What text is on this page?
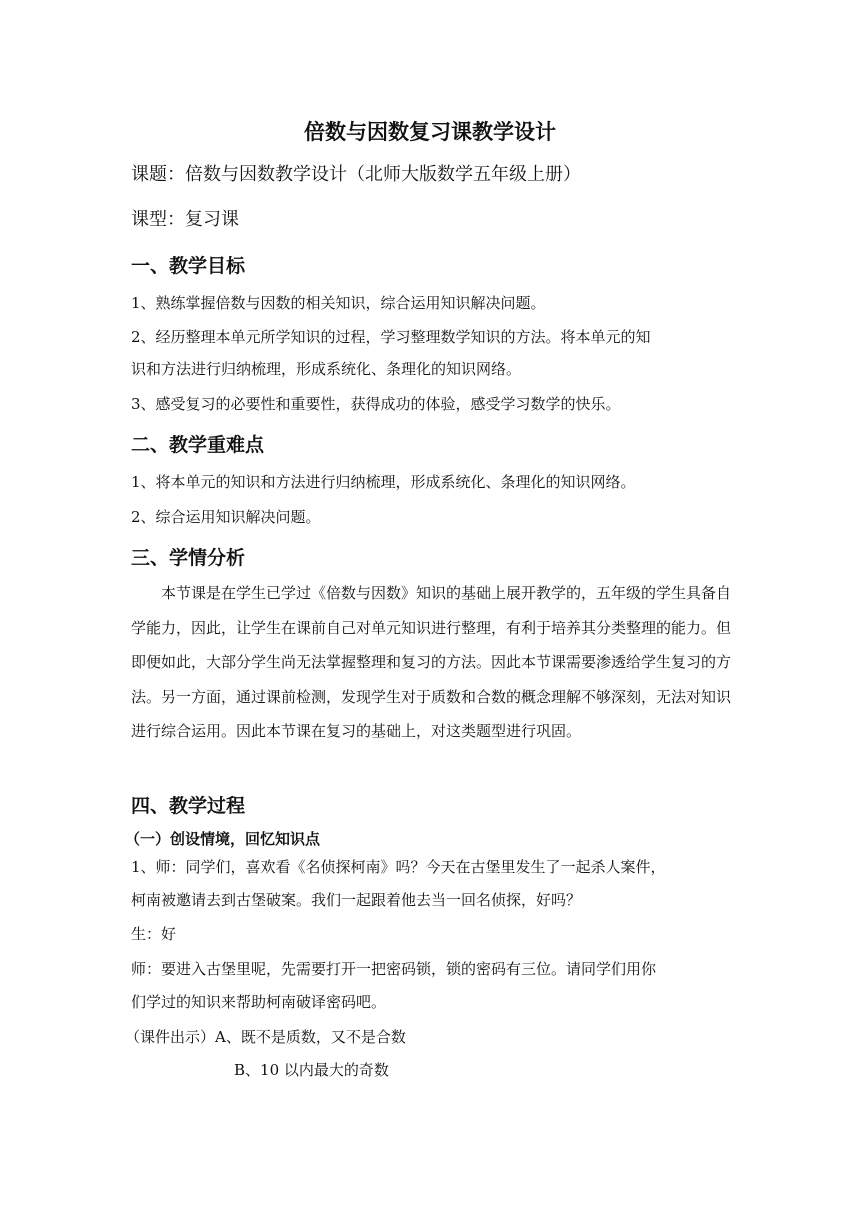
倍数与因数复习课教学设计
课题：倍数与因数教学设计（北师大版数学五年级上册）
课型：复习课
一、教学目标
1、熟练掌握倍数与因数的相关知识，综合运用知识解决问题。
2、经历整理本单元所学知识的过程，学习整理数学知识的方法。将本单元的知
识和方法进行归纳梳理，形成系统化、条理化的知识网络。
3、感受复习的必要性和重要性，获得成功的体验，感受学习数学的快乐。
二、教学重难点
1、将本单元的知识和方法进行归纳梳理，形成系统化、条理化的知识网络。
2、综合运用知识解决问题。
三、学情分析
本节课是在学生已学过《倍数与因数》知识的基础上展开教学的，五年级的学生具备自学能力，因此，让学生在课前自己对单元知识进行整理，有利于培养其分类整理的能力。但即便如此，大部分学生尚无法掌握整理和复习的方法。因此本节课需要渗透给学生复习的方法。另一方面，通过课前检测，发现学生对于质数和合数的概念理解不够深刻，无法对知识进行综合运用。因此本节课在复习的基础上，对这类题型进行巩固。
四、教学过程
（一）创设情境，回忆知识点
1、师：同学们，喜欢看《名侦探柯南》吗？今天在古堡里发生了一起杀人案件，
柯南被邀请去到古堡破案。我们一起跟着他去当一回名侦探，好吗？
生：好
师：要进入古堡里呢，先需要打开一把密码锁，锁的密码有三位。请同学们用你
们学过的知识来帮助柯南破译密码吧。
（课件出示）A、既不是质数，又不是合数
B、10 以内最大的奇数
